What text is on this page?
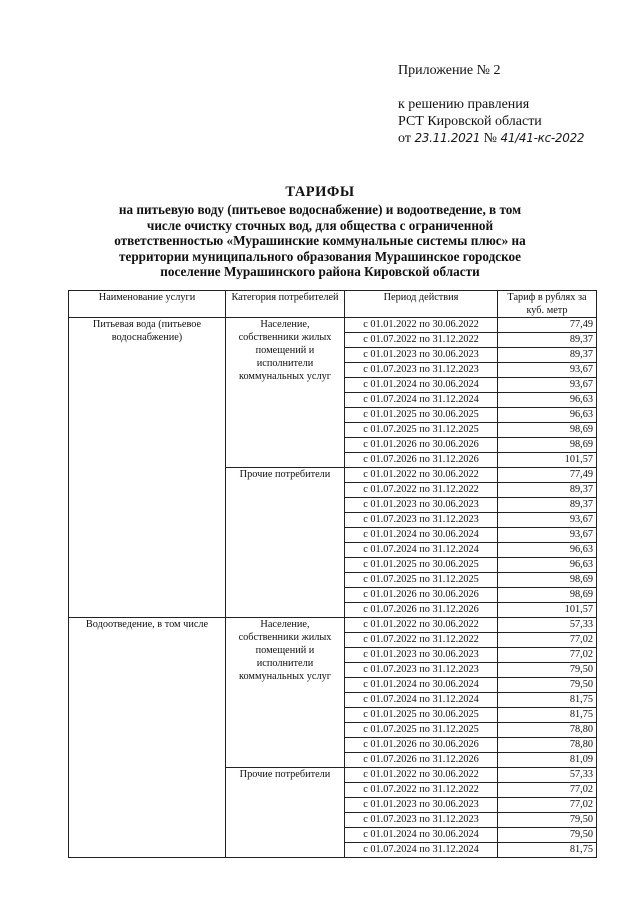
Приложение № 2
к решению правления
РСТ Кировской области
от 23.11.2021 № 41/41-кс-2022
ТАРИФЫ
на питьевую воду (питьевое водоснабжение) и водоотведение, в том
числе очистку сточных вод, для общества с ограниченной
ответственностью «Мурашинские коммунальные системы плюс» на
территории муниципального образования Мурашинское городское
поселение Мурашинского района Кировской области
Наименование услуги	Категория потребителей	Период действия	Тариф в рублях за куб. метр
Питьевая вода (питьевое водоснабжение)	Население, собственники жилых помещений и исполнители коммунальных услуг	с 01.01.2022 по 30.06.2022	77,49
		с 01.07.2022 по 31.12.2022	89,37
		с 01.01.2023 по 30.06.2023	89,37
		с 01.07.2023 по 31.12.2023	93,67
		с 01.01.2024 по 30.06.2024	93,67
		с 01.07.2024 по 31.12.2024	96,63
		с 01.01.2025 по 30.06.2025	96,63
		с 01.07.2025 по 31.12.2025	98,69
		с 01.01.2026 по 30.06.2026	98,69
		с 01.07.2026 по 31.12.2026	101,57
	Прочие потребители	с 01.01.2022 по 30.06.2022	77,49
		с 01.07.2022 по 31.12.2022	89,37
		с 01.01.2023 по 30.06.2023	89,37
		с 01.07.2023 по 31.12.2023	93,67
		с 01.01.2024 по 30.06.2024	93,67
		с 01.07.2024 по 31.12.2024	96,63
		с 01.01.2025 по 30.06.2025	96,63
		с 01.07.2025 по 31.12.2025	98,69
		с 01.01.2026 по 30.06.2026	98,69
		с 01.07.2026 по 31.12.2026	101,57
Водоотведение, в том числе	Население, собственники жилых помещений и исполнители коммунальных услуг	с 01.01.2022 по 30.06.2022	57,33
		с 01.07.2022 по 31.12.2022	77,02
		с 01.01.2023 по 30.06.2023	77,02
		с 01.07.2023 по 31.12.2023	79,50
		с 01.01.2024 по 30.06.2024	79,50
		с 01.07.2024 по 31.12.2024	81,75
		с 01.01.2025 по 30.06.2025	81,75
		с 01.07.2025 по 31.12.2025	78,80
		с 01.01.2026 по 30.06.2026	78,80
		с 01.07.2026 по 31.12.2026	81,09
	Прочие потребители	с 01.01.2022 по 30.06.2022	57,33
		с 01.07.2022 по 31.12.2022	77,02
		с 01.01.2023 по 30.06.2023	77,02
		с 01.07.2023 по 31.12.2023	79,50
		с 01.01.2024 по 30.06.2024	79,50
		с 01.07.2024 по 31.12.2024	81,75
